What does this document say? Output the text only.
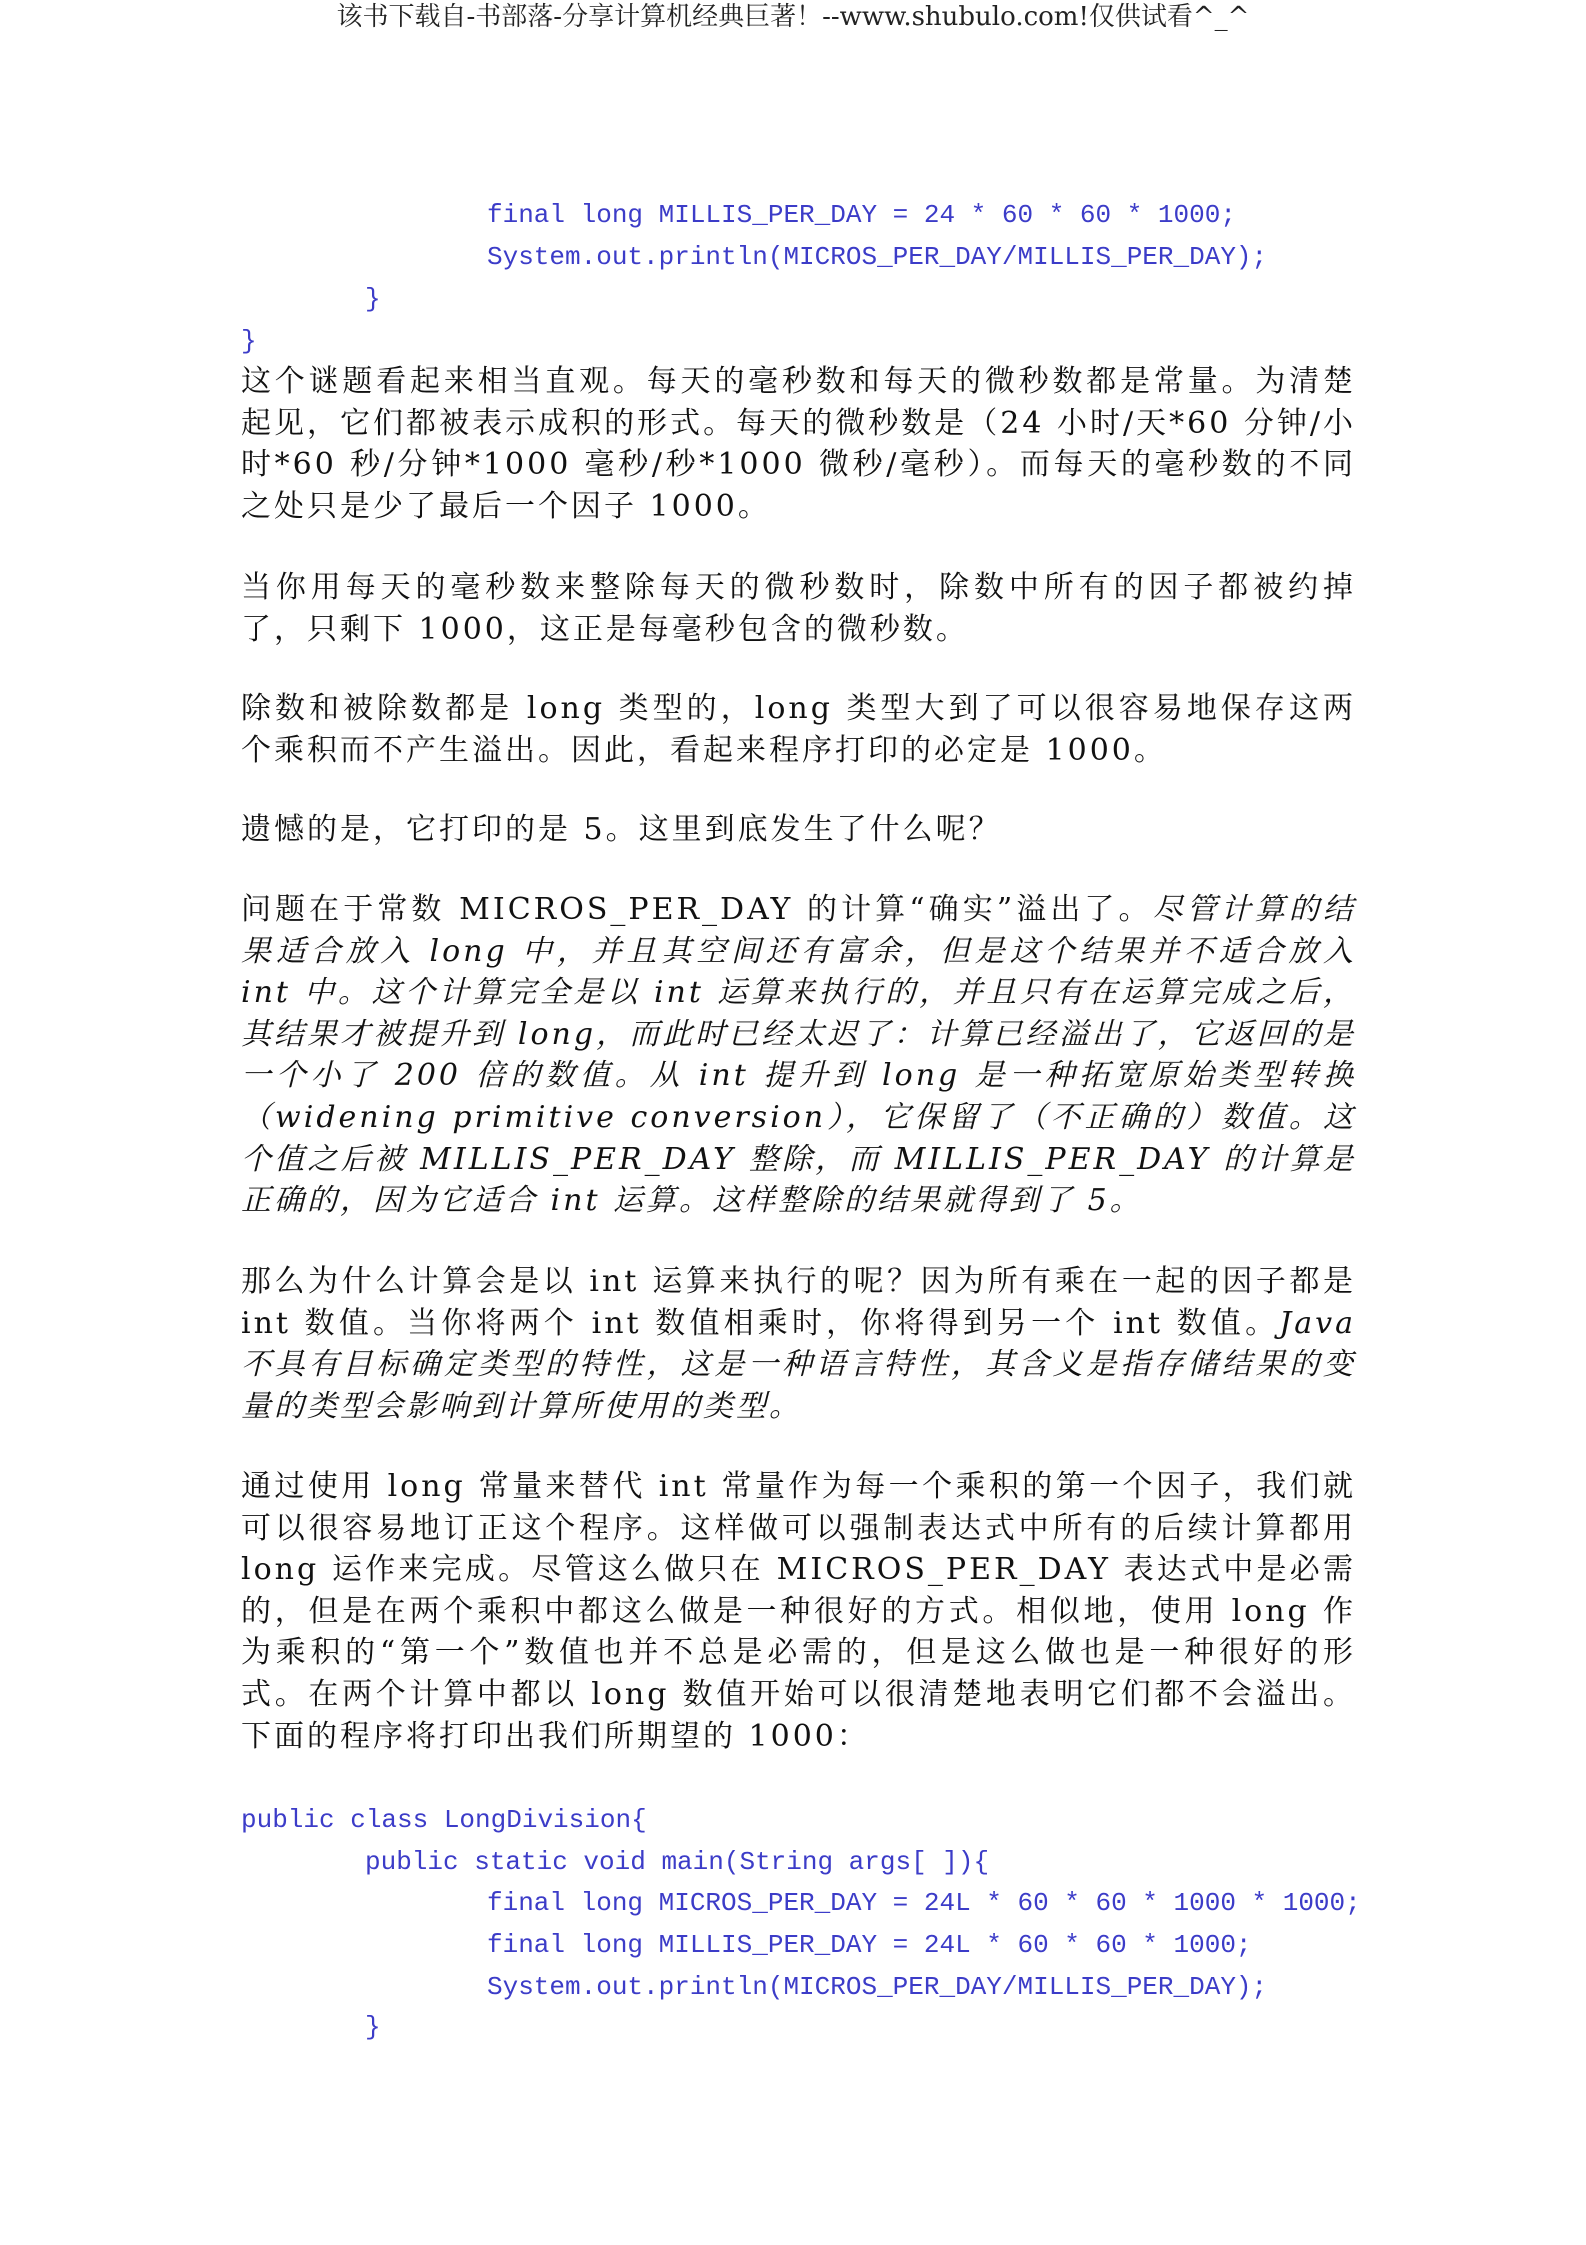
该书下载自-书部落-分享计算机经典巨著！--www.shubulo.com!仅供试看^_^
final long MILLIS_PER_DAY = 24 * 60 * 60 * 1000;
System.out.println(MICROS_PER_DAY/MILLIS_PER_DAY);
}
}
这个谜题看起来相当直观。每天的毫秒数和每天的微秒数都是常量。为清楚起见，它们都被表示成积的形式。每天的微秒数是（24 小时/天*60 分钟/小时*60 秒/分钟*1000 毫秒/秒*1000 微秒/毫秒）。而每天的毫秒数的不同之处只是少了最后一个因子 1000。
当你用每天的毫秒数来整除每天的微秒数时，除数中所有的因子都被约掉了，只剩下 1000，这正是每毫秒包含的微秒数。
除数和被除数都是 long 类型的，long 类型大到了可以很容易地保存这两个乘积而不产生溢出。因此，看起来程序打印的必定是 1000。
遗憾的是，它打印的是 5。这里到底发生了什么呢？
问题在于常数 MICROS_PER_DAY 的计算“确实”溢出了。尽管计算的结果适合放入 long 中，并且其空间还有富余，但是这个结果并不适合放入 int 中。这个计算完全是以 int 运算来执行的，并且只有在运算完成之后，其结果才被提升到 long，而此时已经太迟了：计算已经溢出了，它返回的是一个小了 200 倍的数值。从 int 提升到 long 是一种拓宽原始类型转换（widening primitive conversion），它保留了（不正确的）数值。这个值之后被 MILLIS_PER_DAY 整除，而 MILLIS_PER_DAY 的计算是正确的，因为它适合 int 运算。这样整除的结果就得到了 5。
那么为什么计算会是以 int 运算来执行的呢？因为所有乘在一起的因子都是 int 数值。当你将两个 int 数值相乘时，你将得到另一个 int 数值。Java 不具有目标确定类型的特性，这是一种语言特性，其含义是指存储结果的变量的类型会影响到计算所使用的类型。
通过使用 long 常量来替代 int 常量作为每一个乘积的第一个因子，我们就可以很容易地订正这个程序。这样做可以强制表达式中所有的后续计算都用 long 运作来完成。尽管这么做只在 MICROS_PER_DAY 表达式中是必需的，但是在两个乘积中都这么做是一种很好的方式。相似地，使用 long 作为乘积的“第一个”数值也并不总是必需的，但是这么做也是一种很好的形式。在两个计算中都以 long 数值开始可以很清楚地表明它们都不会溢出。下面的程序将打印出我们所期望的 1000：
public class LongDivision{
public static void main(String args[ ]){
final long MICROS_PER_DAY = 24L * 60 * 60 * 1000 * 1000;
final long MILLIS_PER_DAY = 24L * 60 * 60 * 1000;
System.out.println(MICROS_PER_DAY/MILLIS_PER_DAY);
}
